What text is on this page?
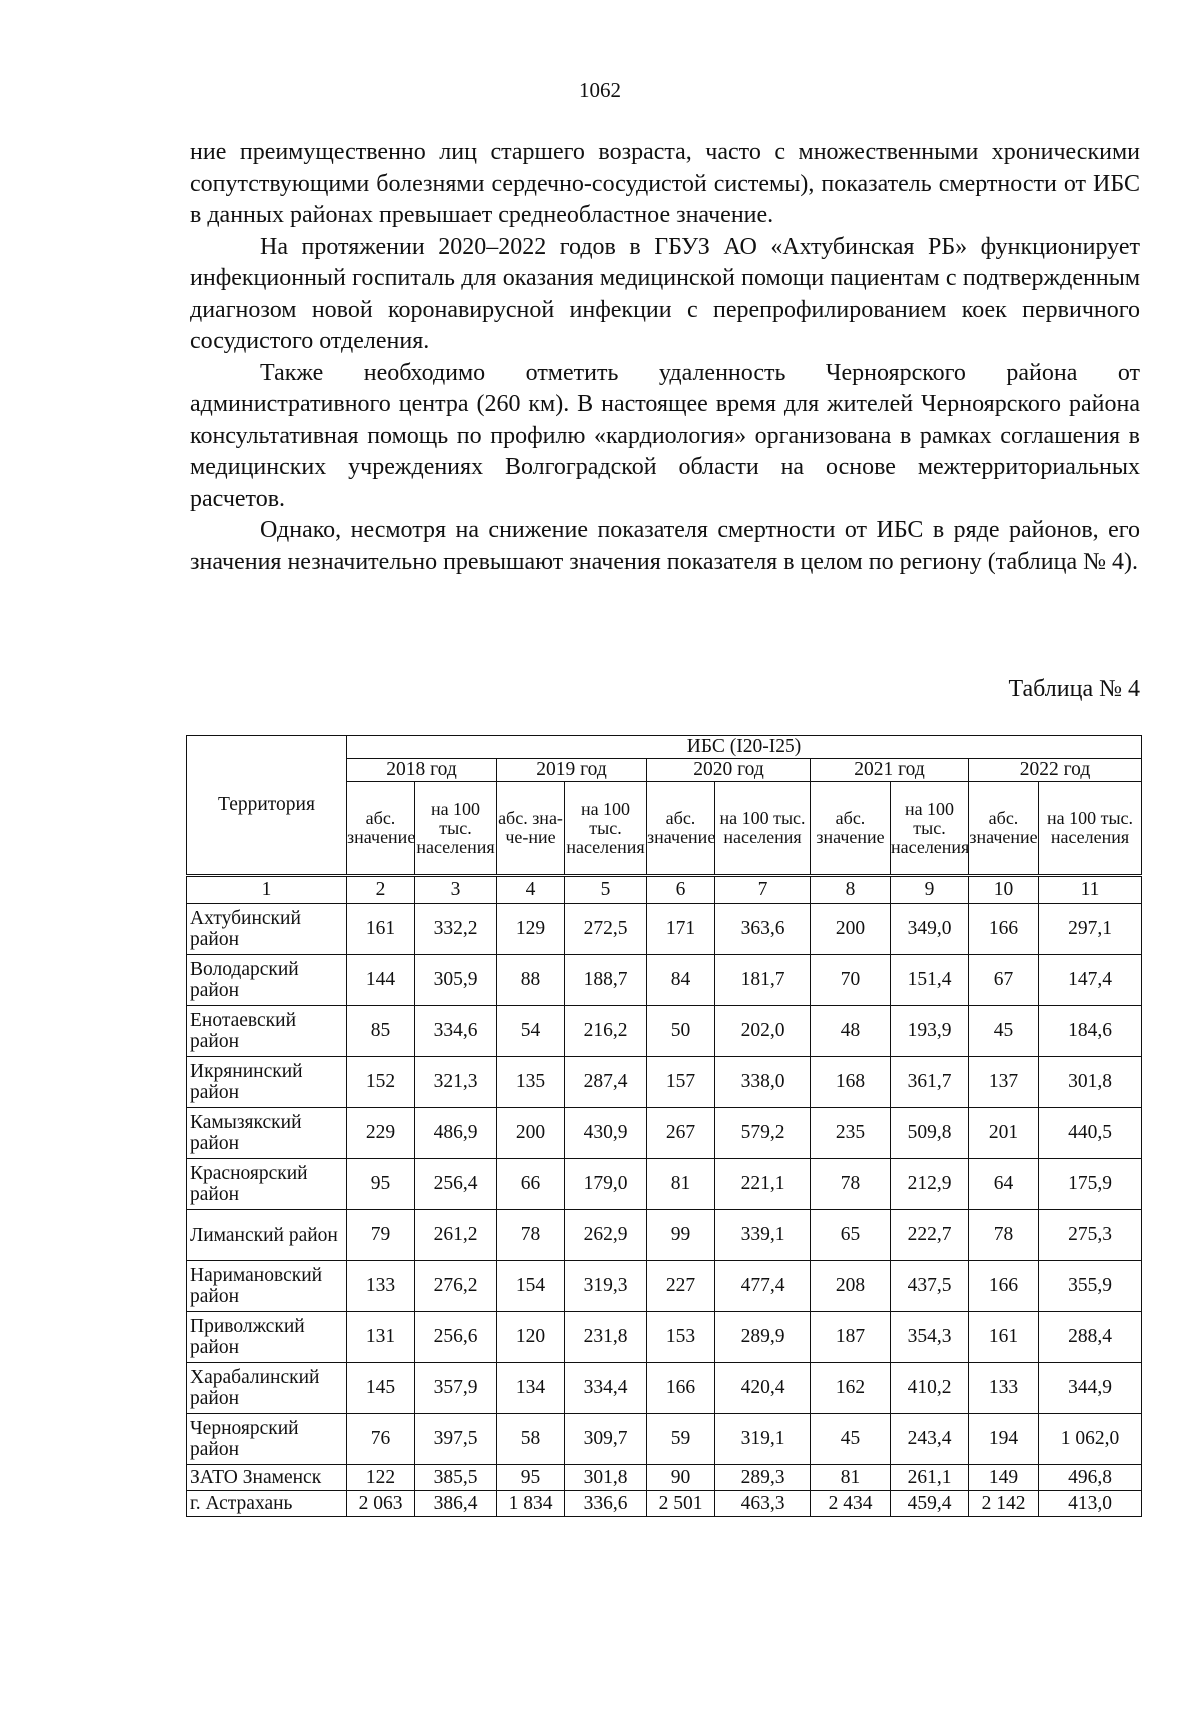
1062

ние преимущественно лиц старшего возраста, часто с множественными хроническими сопутствующими болезнями сердечно-сосудистой системы), показатель смертности от ИБС в данных районах превышает среднеобластное значение.

На протяжении 2020–2022 годов в ГБУЗ АО «Ахтубинская РБ» функционирует инфекционный госпиталь для оказания медицинской помощи пациентам с подтвержденным диагнозом новой коронавирусной инфекции с перепрофилированием коек первичного сосудистого отделения.

Также необходимо отметить удаленность Черноярского района от административного центра (260 км). В настоящее время для жителей Черноярского района консультативная помощь по профилю «кардиология» организована в рамках соглашения в медицинских учреждениях Волгоградской области на основе межтерриториальных расчетов.

Однако, несмотря на снижение показателя смертности от ИБС в ряде районов, его значения незначительно превышают значения показателя в целом по региону (таблица № 4).

Таблица № 4
Территория	ИБС (I20-I25)									
	2018 год		2019 год		2020 год		2021 год		2022 год	
	абс. значение	на 100 тыс. населения	абс. зна-че-ние	на 100 тыс. населения	абс. значение	на 100 тыс. населения	абс. значение	на 100 тыс. населения	абс. значение	на 100 тыс. населения
1	2	3	4	5	6	7	8	9	10	11
Ахтубинский район	161	332,2	129	272,5	171	363,6	200	349,0	166	297,1
Володарский район	144	305,9	88	188,7	84	181,7	70	151,4	67	147,4
Енотаевский район	85	334,6	54	216,2	50	202,0	48	193,9	45	184,6
Икрянинский район	152	321,3	135	287,4	157	338,0	168	361,7	137	301,8
Камызякский район	229	486,9	200	430,9	267	579,2	235	509,8	201	440,5
Красноярский район	95	256,4	66	179,0	81	221,1	78	212,9	64	175,9
Лиманский район	79	261,2	78	262,9	99	339,1	65	222,7	78	275,3
Наримановский район	133	276,2	154	319,3	227	477,4	208	437,5	166	355,9
Приволжский район	131	256,6	120	231,8	153	289,9	187	354,3	161	288,4
Харабалинский район	145	357,9	134	334,4	166	420,4	162	410,2	133	344,9
Черноярский район	76	397,5	58	309,7	59	319,1	45	243,4	194	1 062,0
ЗАТО Знаменск	122	385,5	95	301,8	90	289,3	81	261,1	149	496,8
г. Астрахань	2 063	386,4	1 834	336,6	2 501	463,3	2 434	459,4	2 142	413,0
